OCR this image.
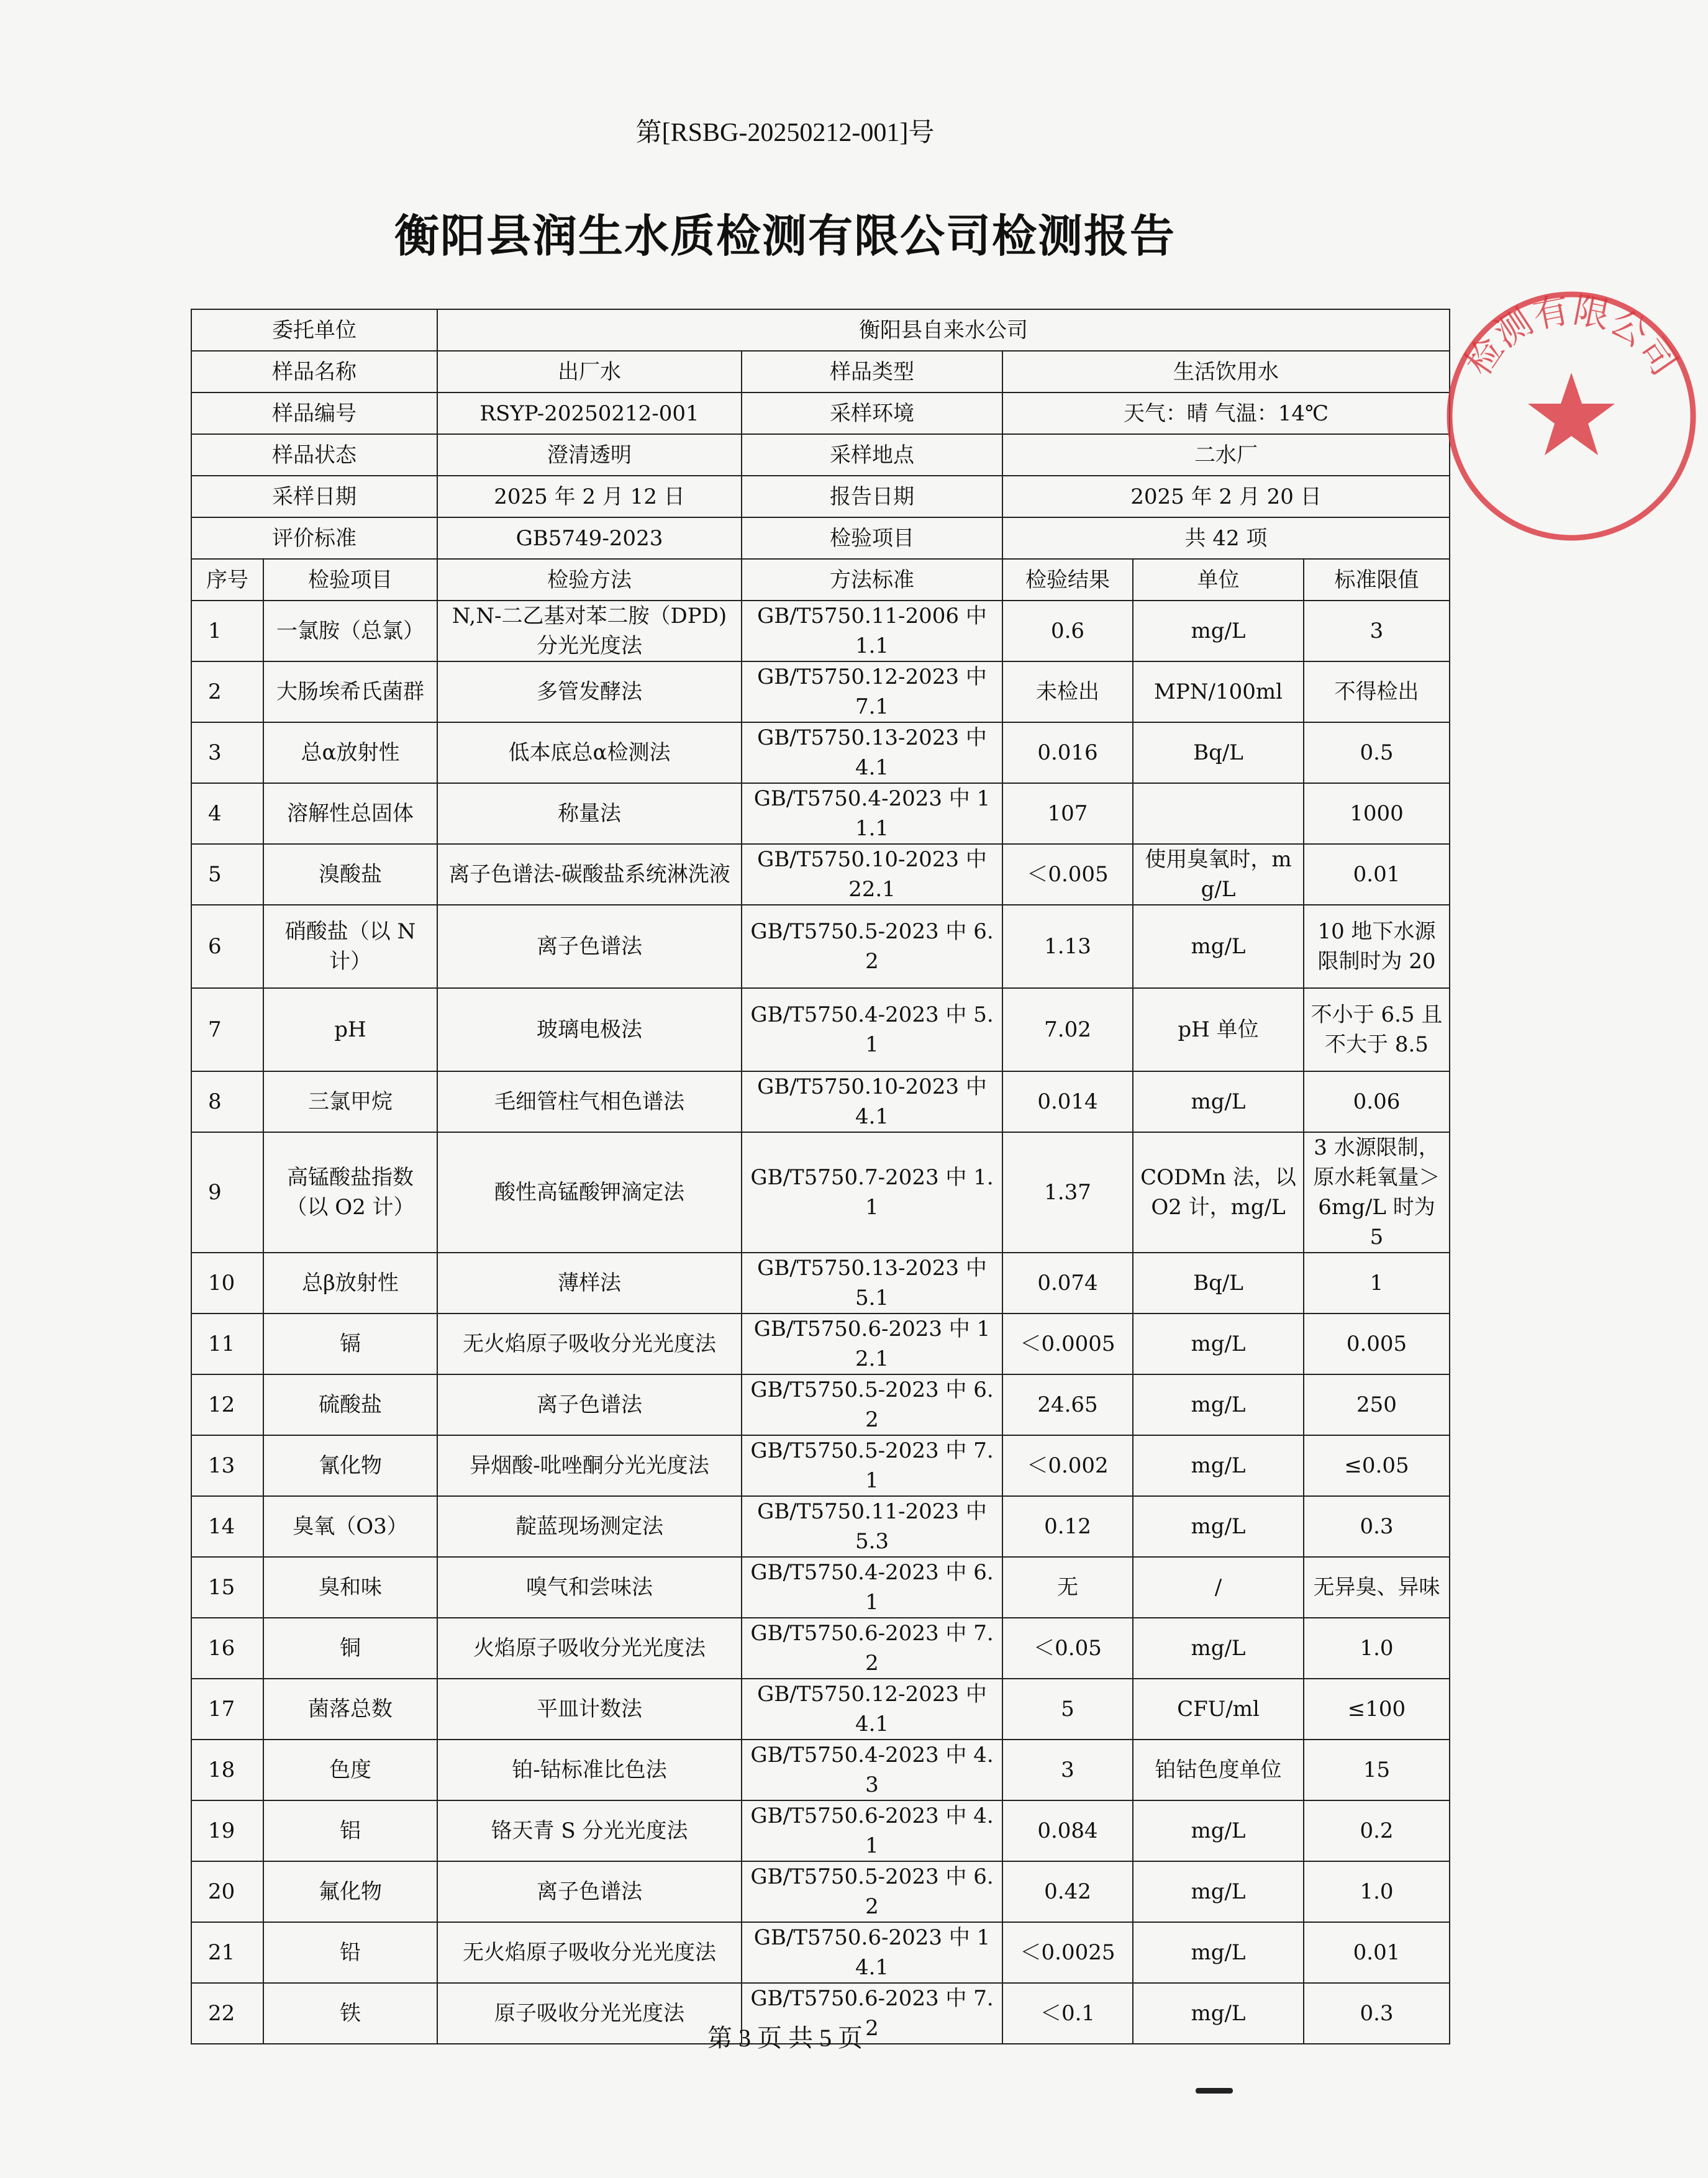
第[RSBG-20250212-001]号
衡阳县润生水质检测有限公司检测报告
委托单位		衡阳县自来水公司				
样品名称		出厂水	样品类型	生活饮用水		
样品编号		RSYP-20250212-001	采样环境	天气：晴 气温：14℃		
样品状态		澄清透明	采样地点	二水厂		
采样日期		2025 年 2 月 12 日	报告日期	2025 年 2 月 20 日		
评价标准		GB5749-2023	检验项目	共 42 项		
序号	检验项目	检验方法	方法标准	检验结果	单位	标准限值
1	一氯胺（总氯）	N,N-二乙基对苯二胺（DPD)分光光度法	GB/T5750.11-2006 中 1.1	0.6	mg/L	3
2	大肠埃希氏菌群	多管发酵法	GB/T5750.12-2023 中 7.1	未检出	MPN/100ml	不得检出
3	总α放射性	低本底总α检测法	GB/T5750.13-2023 中 4.1	0.016	Bq/L	0.5
4	溶解性总固体	称量法	GB/T5750.4-2023 中 11.1	107		1000
5	溴酸盐	离子色谱法-碳酸盐系统淋洗液	GB/T5750.10-2023 中 22.1	＜0.005	使用臭氧时，mg/L	0.01
6	硝酸盐（以 N 计）	离子色谱法	GB/T5750.5-2023 中 6.2	1.13	mg/L	10 地下水源限制时为 20
7	pH	玻璃电极法	GB/T5750.4-2023 中 5.1	7.02	pH 单位	不小于 6.5 且不大于 8.5
8	三氯甲烷	毛细管柱气相色谱法	GB/T5750.10-2023 中 4.1	0.014	mg/L	0.06
9	高锰酸盐指数（以 O2 计）	酸性高锰酸钾滴定法	GB/T5750.7-2023 中 1.1	1.37	CODMn 法，以 O2 计，mg/L	3 水源限制，原水耗氧量＞6mg/L 时为 5
10	总β放射性	薄样法	GB/T5750.13-2023 中 5.1	0.074	Bq/L	1
11	镉	无火焰原子吸收分光光度法	GB/T5750.6-2023 中 12.1	＜0.0005	mg/L	0.005
12	硫酸盐	离子色谱法	GB/T5750.5-2023 中 6.2	24.65	mg/L	250
13	氰化物	异烟酸-吡唑酮分光光度法	GB/T5750.5-2023 中 7.1	＜0.002	mg/L	≤0.05
14	臭氧（O3）	靛蓝现场测定法	GB/T5750.11-2023 中 5.3	0.12	mg/L	0.3
15	臭和味	嗅气和尝味法	GB/T5750.4-2023 中 6.1	无	/	无异臭、异味
16	铜	火焰原子吸收分光光度法	GB/T5750.6-2023 中 7.2	＜0.05	mg/L	1.0
17	菌落总数	平皿计数法	GB/T5750.12-2023 中 4.1	5	CFU/ml	≤100
18	色度	铂-钴标准比色法	GB/T5750.4-2023 中 4.3	3	铂钴色度单位	15
19	铝	铬天青 S 分光光度法	GB/T5750.6-2023 中 4.1	0.084	mg/L	0.2
20	氟化物	离子色谱法	GB/T5750.5-2023 中 6.2	0.42	mg/L	1.0
21	铅	无火焰原子吸收分光光度法	GB/T5750.6-2023 中 14.1	＜0.0025	mg/L	0.01
22	铁	原子吸收分光光度法	GB/T5750.6-2023 中 7.2	＜0.1	mg/L	0.3
第 3 页 共 5 页
检测有限公司
